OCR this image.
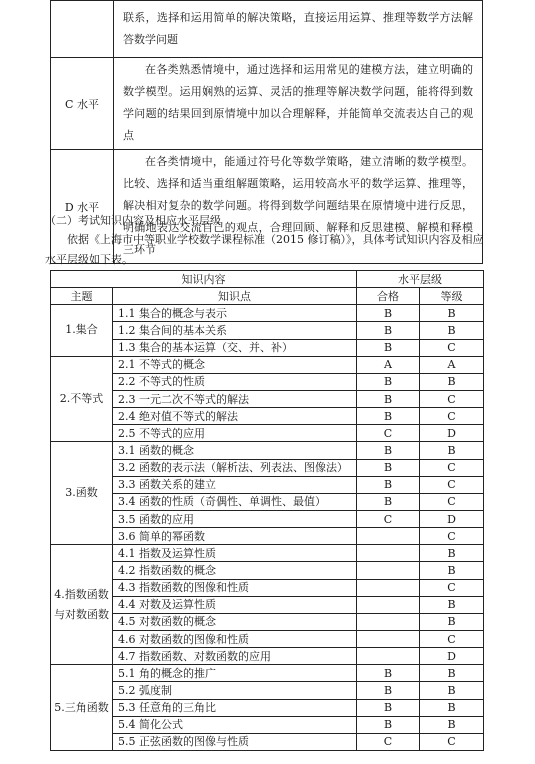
	联系，选择和运用简单的解决策略，直接运用运算、推理等数学方法解答数学问题
C 水平	在各类熟悉情境中，通过选择和运用常见的建模方法，建立明确的数学模型。运用娴熟的运算、灵活的推理等解决数学问题，能将得到数学问题的结果回到原情境中加以合理解释，并能简单交流表达自己的观点
D 水平	在各类情境中，能通过符号化等数学策略，建立清晰的数学模型。比较、选择和适当重组解题策略，运用较高水平的数学运算、推理等，解决相对复杂的数学问题。将得到数学问题结果在原情境中进行反思，明确地表达交流自己的观点，合理回顾、解释和反思建模、解模和释模三环节
（二）考试知识内容及相应水平层级
依据《上海市中等职业学校数学课程标准（2015 修订稿）》，具体考试知识内容及相应水平层级如下表。
知识内容		水平层级	
主题	知识点	合格	等级
1.集合	1.1 集合的概念与表示	B	B
	1.2 集合间的基本关系	B	B
	1.3 集合的基本运算（交、并、补）	B	C
2.不等式	2.1 不等式的概念	A	A
	2.2 不等式的性质	B	B
	2.3 一元二次不等式的解法	B	C
	2.4 绝对值不等式的解法	B	C
	2.5 不等式的应用	C	D
3.函数	3.1 函数的概念	B	B
	3.2 函数的表示法（解析法、列表法、图像法）	B	C
	3.3 函数关系的建立	B	C
	3.4 函数的性质（奇偶性、单调性、最值）	B	C
	3.5 函数的应用	C	D
	3.6 简单的幂函数		C
4.指数函数与对数函数	4.1 指数及运算性质		B
	4.2 指数函数的概念		B
	4.3 指数函数的图像和性质		C
	4.4 对数及运算性质		B
	4.5 对数函数的概念		B
	4.6 对数函数的图像和性质		C
	4.7 指数函数、对数函数的应用		D
5.三角函数	5.1 角的概念的推广	B	B
	5.2 弧度制	B	B
	5.3 任意角的三角比	B	B
	5.4 简化公式	B	B
	5.5 正弦函数的图像与性质	C	C
